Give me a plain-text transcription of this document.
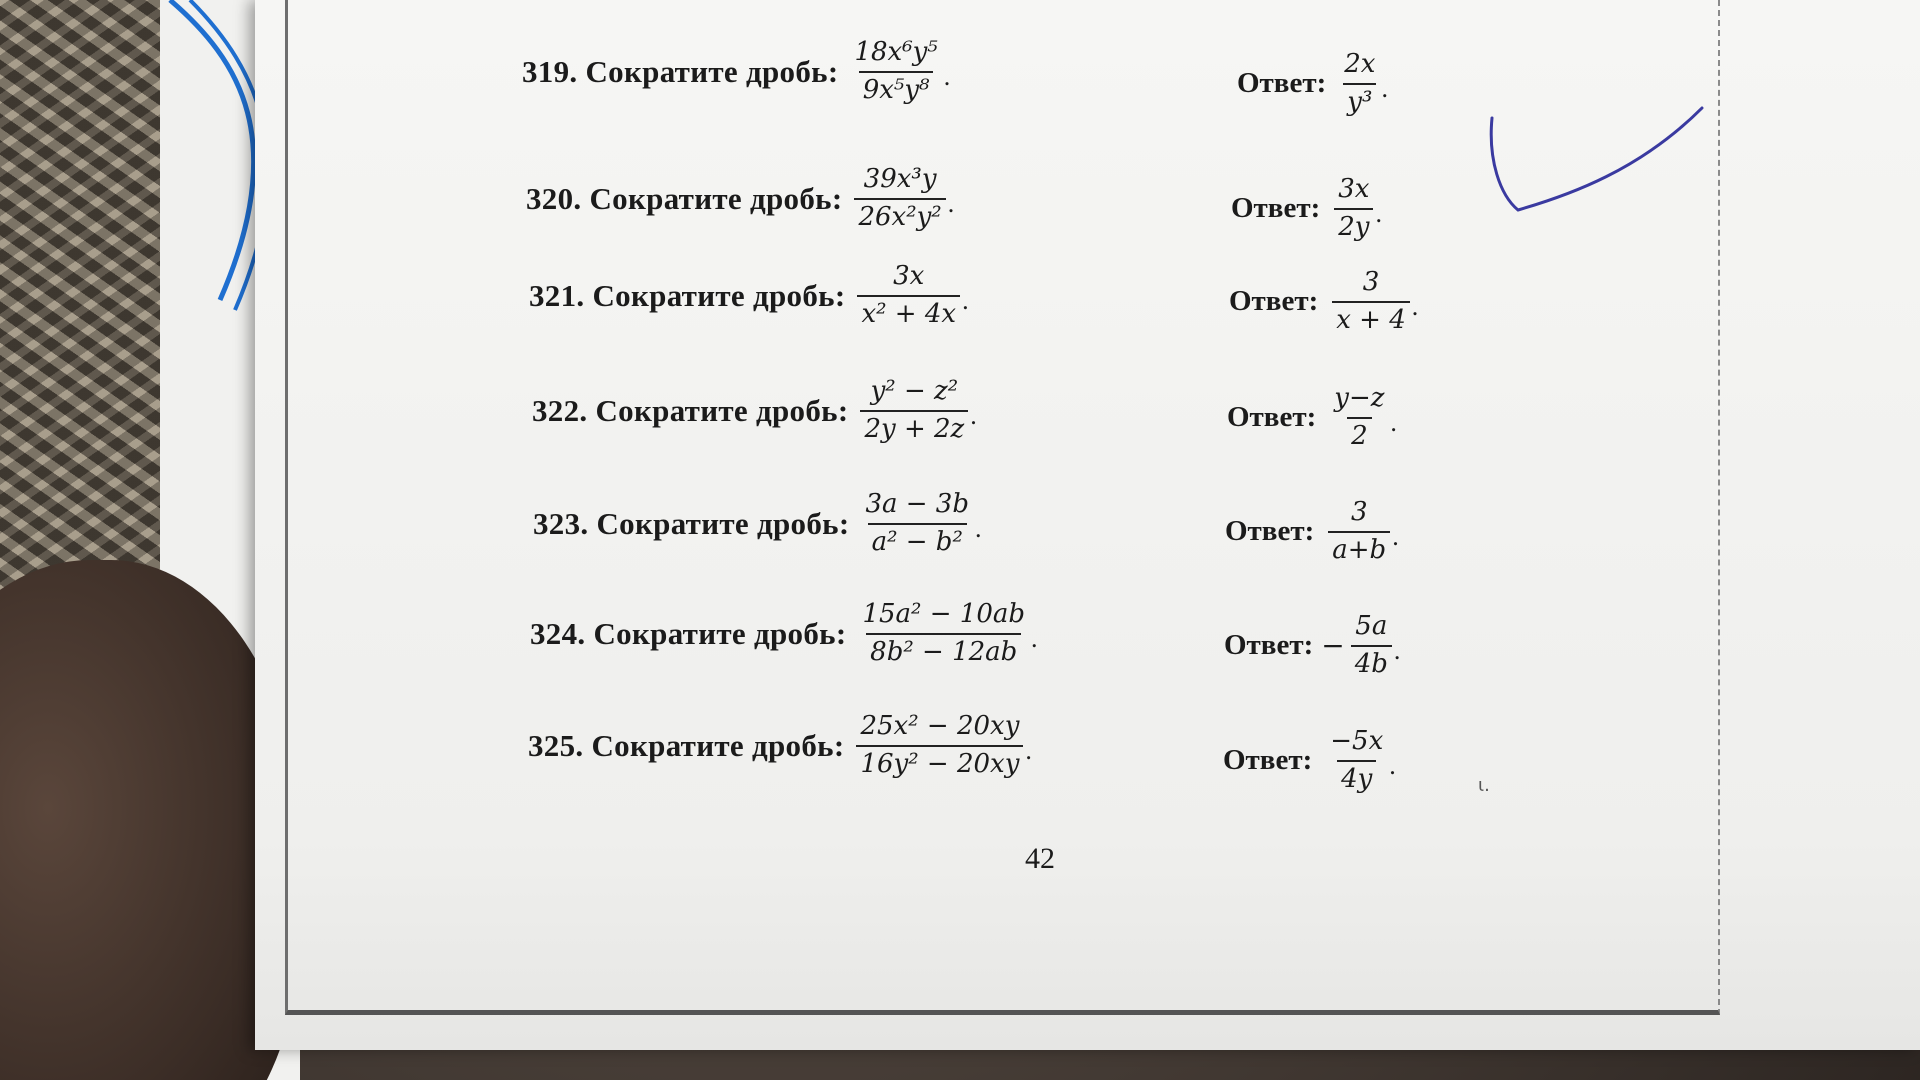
319. Сократите дробь: $\frac{\text{18x⁶y⁵}}{\text{9x⁵y⁸}}$ .	Ответ: $\frac{2x}{\text{y³}}$ .
320. Сократите дробь: $\frac{\text{39x³y}}{\text{26x²y²}}$ .	Ответ: $\frac{3x}{2y}$ .
321. Сократите дробь: $\frac{3x}{\text{x² + 4x}}$ .	Ответ: $\frac{3}{x + 4}$ .
322. Сократите дробь: $\frac{\text{y² − z²}}{2y + 2z}$ .	Ответ: $\frac{y-z}{2}$ .
323. Сократите дробь: $\frac{3a - 3b}{\text{a² − b²}}$ .	Ответ: $\frac{3}{a+b}$ .
324. Сократите дробь: $\frac{\text{15a² − 10ab}}{\text{8b² − 12ab}}$ .	Ответ: − $\frac{5a}{4b}$ .
325. Сократите дробь: $\frac{\text{25x² − 20xy}}{\text{16y² − 20xy}}$ .	Ответ: $\frac{-5x}{4y}$ .
42
ι.
